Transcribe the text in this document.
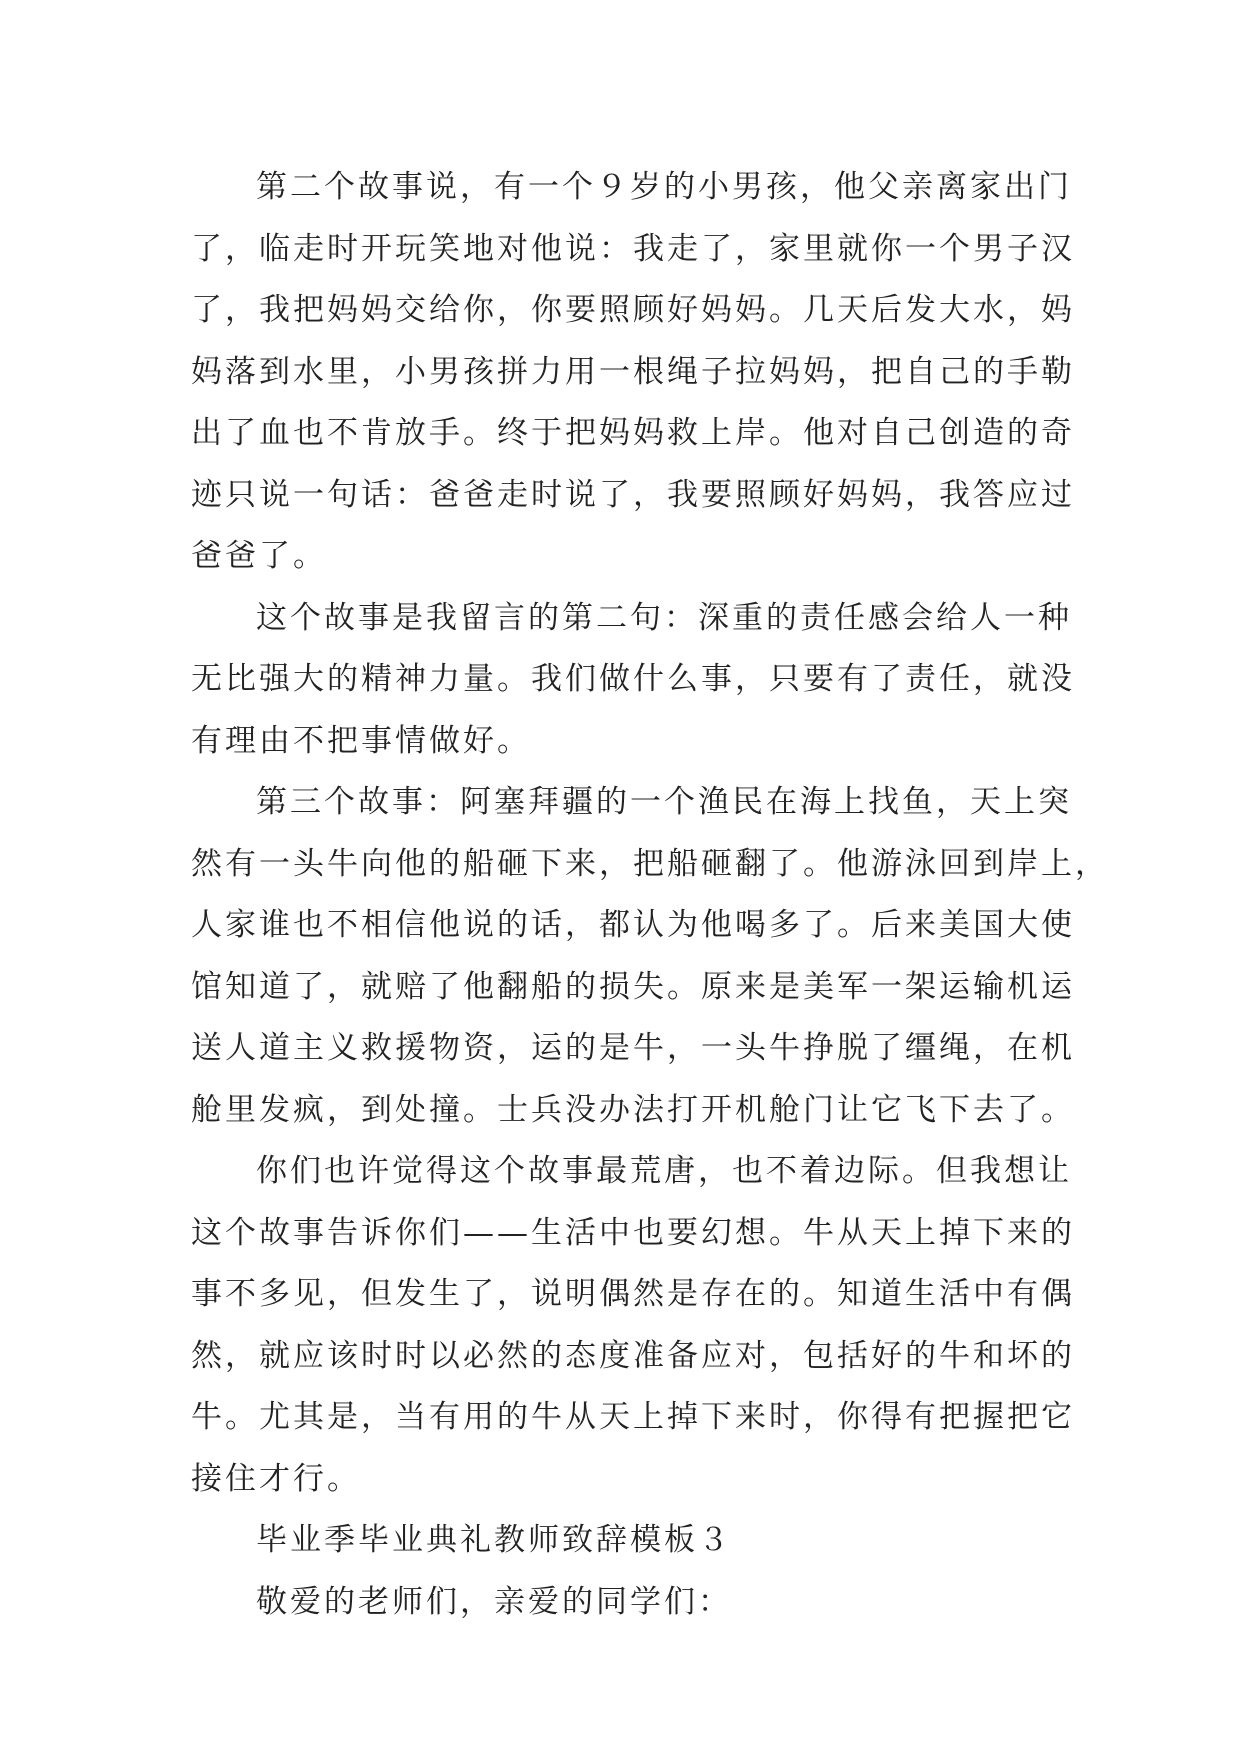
第二个故事说，有一个９岁的小男孩，他父亲离家出门
了，临走时开玩笑地对他说：我走了，家里就你一个男子汉
了，我把妈妈交给你，你要照顾好妈妈。几天后发大水，妈
妈落到水里，小男孩拼力用一根绳子拉妈妈，把自己的手勒
出了血也不肯放手。终于把妈妈救上岸。他对自己创造的奇
迹只说一句话：爸爸走时说了，我要照顾好妈妈，我答应过
爸爸了。
这个故事是我留言的第二句：深重的责任感会给人一种
无比强大的精神力量。我们做什么事，只要有了责任，就没
有理由不把事情做好。
第三个故事：阿塞拜疆的一个渔民在海上找鱼，天上突
然有一头牛向他的船砸下来，把船砸翻了。他游泳回到岸上，
人家谁也不相信他说的话，都认为他喝多了。后来美国大使
馆知道了，就赔了他翻船的损失。原来是美军一架运输机运
送人道主义救援物资，运的是牛，一头牛挣脱了缰绳，在机
舱里发疯，到处撞。士兵没办法打开机舱门让它飞下去了。
你们也许觉得这个故事最荒唐，也不着边际。但我想让
这个故事告诉你们——生活中也要幻想。牛从天上掉下来的
事不多见，但发生了，说明偶然是存在的。知道生活中有偶
然，就应该时时以必然的态度准备应对，包括好的牛和坏的
牛。尤其是，当有用的牛从天上掉下来时，你得有把握把它
接住才行。
毕业季毕业典礼教师致辞模板３
敬爱的老师们，亲爱的同学们：
